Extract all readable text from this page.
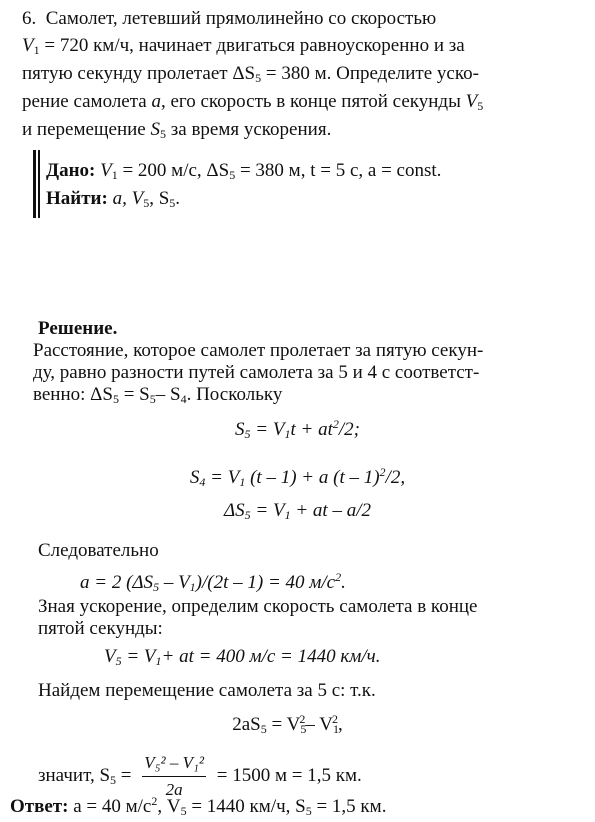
6. Самолет, летевший прямолинейно со скоростью
$V_1 = 720$ км/ч, начинает двигаться равноускоренно и за
пятую секунду пролетает $\Delta S_5 = 380$ м. Определите уско-
рение самолета a, его скорость в конце пятой секунды $V_5$
и перемещение $S_5$ за время ускорения.
Дано: $V_1 = 200$ м/с, $\Delta S_5 = 380$ м, t = 5 с, a = const.
Найти: a, $V_5$, $S_5$.
Решение.
Расстояние, которое самолет пролетает за пятую секун-
ду, равно разности путей самолета за 5 и 4 с соответст-
венно: $\Delta S_5 = S_5-$ $S_4$. Поскольку
$S_5 = V_1t + at^2/2$;
$S_4 = V_1$ (t – 1) + a (t – 1)$^2$/2,
$\Delta S_5 = V_1$ + at – a/2
Следовательно
a = 2 $(\Delta S_5 - V_1)/(2t - 1) = 40$ $м/с^2$.
Зная ускорение, определим скорость самолета в конце
пятой секунды:
$V_5 = V_1+$ at = 400 м/с = 1440 км/ч.
Найдем перемещение самолета за 5 с: т.к.
$2aS_5 = V_5^2-$ $V_1^2$,
значит, $S_5 = \frac{\text{V₅² – V₁²}}{2a} = 1500$ м = 1,5 км.
Ответ: a = 40 $м/с^2$, $V_5 = 1440$ км/ч, $S_5 = 1,5$ км.
